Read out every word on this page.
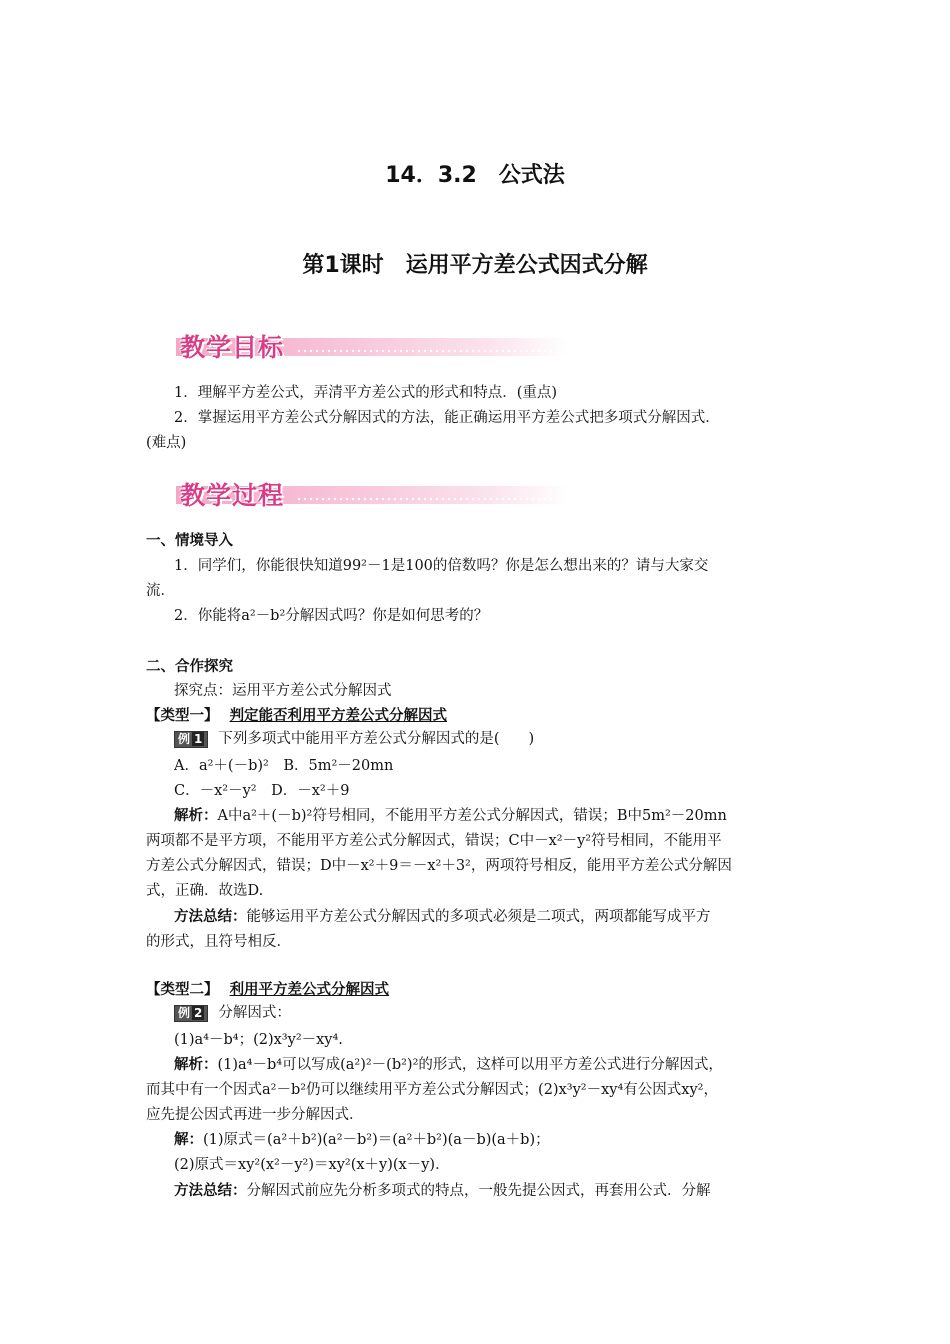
14．3.2　公式法
第1课时　运用平方差公式因式分解
教学目标
1．理解平方差公式，弄清平方差公式的形式和特点．(重点)
2．掌握运用平方差公式分解因式的方法，能正确运用平方差公式把多项式分解因式．
(难点)
教学过程
一、情境导入
1．同学们，你能很快知道99²－1是100的倍数吗？你是怎么想出来的？请与大家交
流．
2．你能将a²－b²分解因式吗？你是如何思考的？
二、合作探究
探究点：运用平方差公式分解因式
【类型一】 判定能否利用平方差公式分解因式
例 1 下列多项式中能用平方差公式分解因式的是(　　)
A．a²＋(－b)²　B．5m²－20mn
C．－x²－y²　D．－x²＋9
解析：A中a²＋(－b)²符号相同，不能用平方差公式分解因式，错误；B中5m²－20mn
两项都不是平方项，不能用平方差公式分解因式，错误；C中－x²－y²符号相同，不能用平
方差公式分解因式，错误；D中－x²＋9＝－x²＋3²，两项符号相反，能用平方差公式分解因
式，正确．故选D.
方法总结：能够运用平方差公式分解因式的多项式必须是二项式，两项都能写成平方
的形式，且符号相反．
【类型二】 利用平方差公式分解因式
例 2 分解因式：
(1)a⁴－b⁴；(2)x³y²－xy⁴.
解析：(1)a⁴－b⁴可以写成(a²)²－(b²)²的形式，这样可以用平方差公式进行分解因式，
而其中有一个因式a²－b²仍可以继续用平方差公式分解因式；(2)x³y²－xy⁴有公因式xy²，
应先提公因式再进一步分解因式．
解：(1)原式＝(a²＋b²)(a²－b²)＝(a²＋b²)(a－b)(a＋b)；
(2)原式＝xy²(x²－y²)＝xy²(x＋y)(x－y)．
方法总结：分解因式前应先分析多项式的特点，一般先提公因式，再套用公式．分解
